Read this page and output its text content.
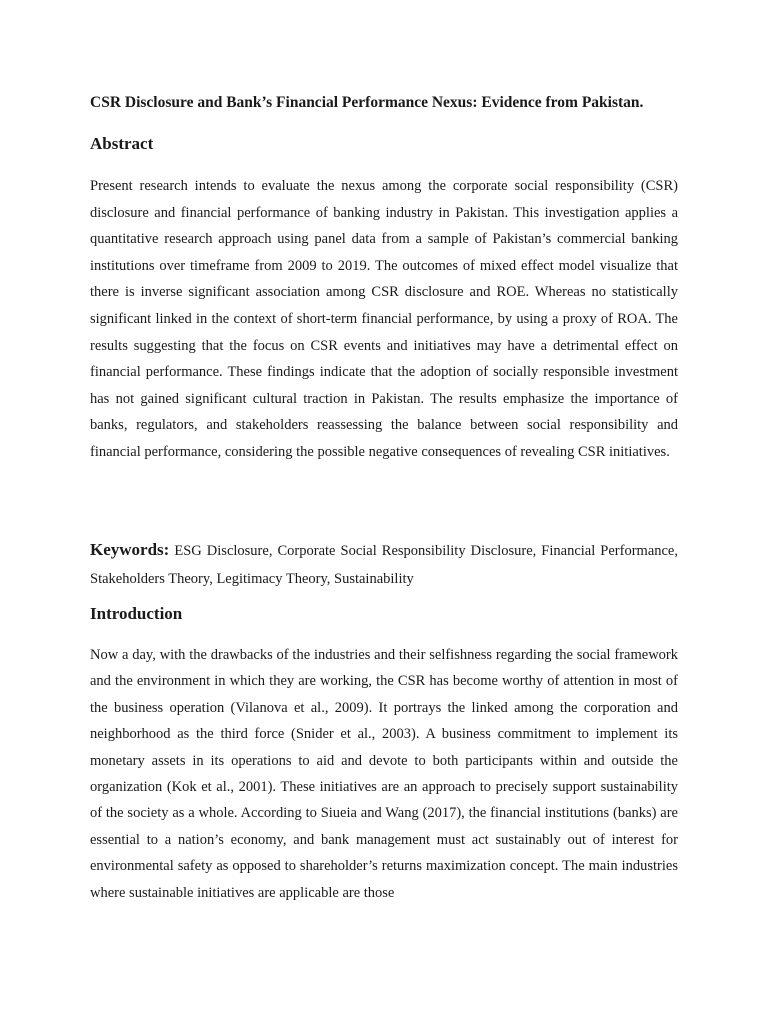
CSR Disclosure and Bank’s Financial Performance Nexus: Evidence from Pakistan.
Abstract
Present research intends to evaluate the nexus among the corporate social responsibility (CSR) disclosure and financial performance of banking industry in Pakistan. This investigation applies a quantitative research approach using panel data from a sample of Pakistan’s commercial banking institutions over timeframe from 2009 to 2019. The outcomes of mixed effect model visualize that there is inverse significant association among CSR disclosure and ROE. Whereas no statistically significant linked in the context of short-term financial performance, by using a proxy of ROA. The results suggesting that the focus on CSR events and initiatives may have a detrimental effect on financial performance. These findings indicate that the adoption of socially responsible investment has not gained significant cultural traction in Pakistan. The results emphasize the importance of banks, regulators, and stakeholders reassessing the balance between social responsibility and financial performance, considering the possible negative consequences of revealing CSR initiatives.
Keywords: ESG Disclosure, Corporate Social Responsibility Disclosure, Financial Performance, Stakeholders Theory, Legitimacy Theory, Sustainability
Introduction
Now a day, with the drawbacks of the industries and their selfishness regarding the social framework and the environment in which they are working, the CSR has become worthy of attention in most of the business operation (Vilanova et al., 2009). It portrays the linked among the corporation and neighborhood as the third force (Snider et al., 2003). A business commitment to implement its monetary assets in its operations to aid and devote to both participants within and outside the organization (Kok et al., 2001). These initiatives are an approach to precisely support sustainability of the society as a whole. According to Siueia and Wang (2017), the financial institutions (banks) are essential to a nation’s economy, and bank management must act sustainably out of interest for environmental safety as opposed to shareholder’s returns maximization concept. The main industries where sustainable initiatives are applicable are those
